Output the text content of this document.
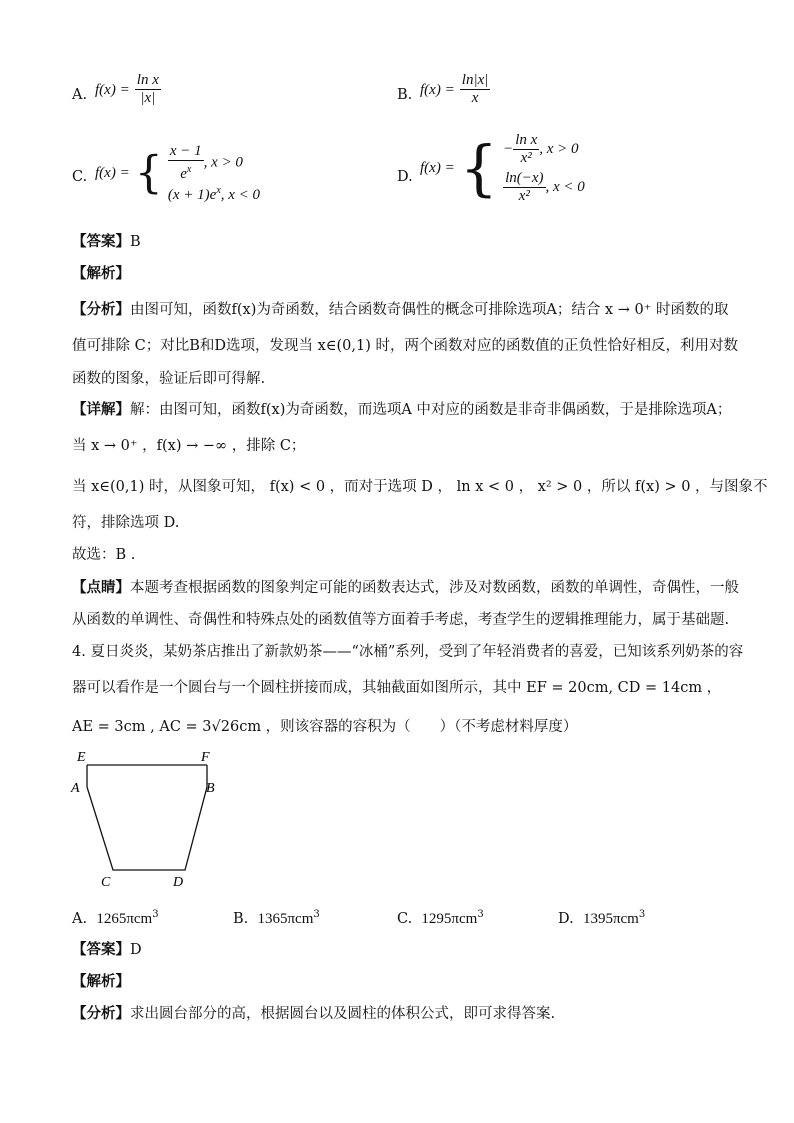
A. $f(x) = \frac{\text{ln x}}{|x|}$	B. $f(x) = \frac{\ln|x|}{x}$
C. f(x) = { $\frac{x - 1}{e^x}$ , x > 0
$(x + 1)e^x$, x < 0
D.
f(x) = { − $\frac{\text{ln x}}{\text{x²}}$ , x > 0
$\frac{\ln(-x)}{\text{x²}}$ , x < 0
【答案】B
【解析】
【分析】由图可知，函数f(x)为奇函数，结合函数奇偶性的概念可排除选项A；结合 x → 0⁺ 时函数的取
值可排除 C；对比B和D选项，发现当 x∈(0,1) 时，两个函数对应的函数值的正负性恰好相反，利用对数
函数的图象，验证后即可得解.
【详解】解：由图可知，函数f(x)为奇函数，而选项A 中对应的函数是非奇非偶函数，于是排除选项A；
当 x → 0⁺ ，f(x) → −∞ ，排除 C；
当 x∈(0,1) 时，从图象可知， f(x) < 0 ，而对于选项 D ， ln x < 0 ， x² > 0 ，所以 f(x) > 0 ，与图象不
符，排除选项 D.
故选：B .
【点睛】本题考查根据函数的图象判定可能的函数表达式，涉及对数函数，函数的单调性，奇偶性，一般
从函数的单调性、奇偶性和特殊点处的函数值等方面着手考虑，考查学生的逻辑推理能力，属于基础题.
4. 夏日炎炎，某奶茶店推出了新款奶茶——“冰桶”系列，受到了年轻消费者的喜爱，已知该系列奶茶的容
器可以看作是一个圆台与一个圆柱拼接而成，其轴截面如图所示，其中 EF = 20cm, CD = 14cm ，
AE = 3cm , AC = 3√26cm ，则该容器的容积为（　　）（不考虑材料厚度）
E	F
A	B
C	D
A. 1265πcm$^3$	B. 1365πcm$^3$	C. 1295πcm$^3$	D. 1395πcm$^3$
【答案】D
【解析】
【分析】求出圆台部分的高，根据圆台以及圆柱的体积公式，即可求得答案.
